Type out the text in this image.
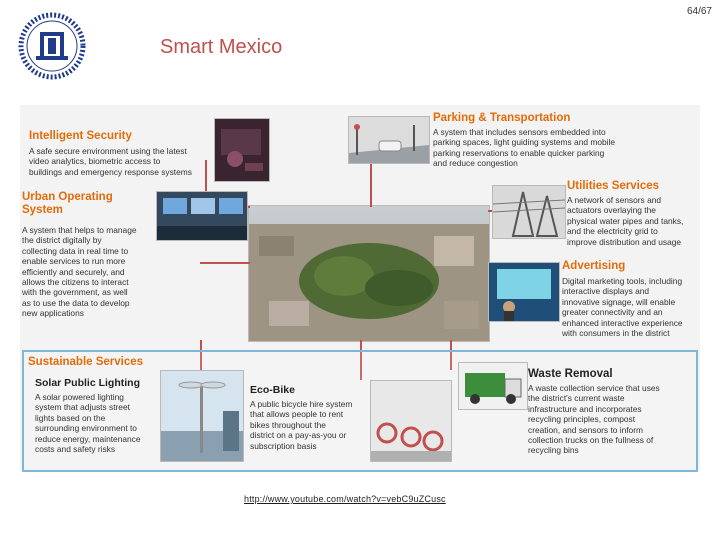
64/67
Smart Mexico
Intelligent Security
A safe secure environment using the latest
video analytics, biometric access to
buildings and emergency response systems
Parking & Transportation
A system that includes sensors embedded into
parking spaces, light guiding systems and mobile
parking reservations to enable quicker parking
and reduce congestion
Urban Operating
System
A system that helps to manage
the district digitally by
collecting data in real time to
enable services to run more
efficiently and securely, and
allows the citizens to interact
with the government, as well
as to use the data to develop
new applications
Utilities Services
A network of sensors and
actuators overlaying the
physical water pipes and tanks,
and the electricity grid to
improve distribution and usage
Advertising
Digital marketing tools, including
interactive displays and
innovative signage, will enable
greater connectivity and an
enhanced interactive experience
with consumers in the district
Sustainable Services
Solar Public Lighting
A solar powered lighting
system that adjusts street
lights based on the
surrounding environment to
reduce energy, maintenance
costs and safety risks
Eco-Bike
A public bicycle hire system
that allows people to rent
bikes throughout the
district on a pay-as-you or
subscription basis
Waste Removal
A waste collection service that uses
the district's current waste
infrastructure and incorporates
recycling principles, compost
creation, and sensors to inform
collection trucks on the fullness of
recycling bins
http://www.youtube.com/watch?v=vebC9uZCusc
